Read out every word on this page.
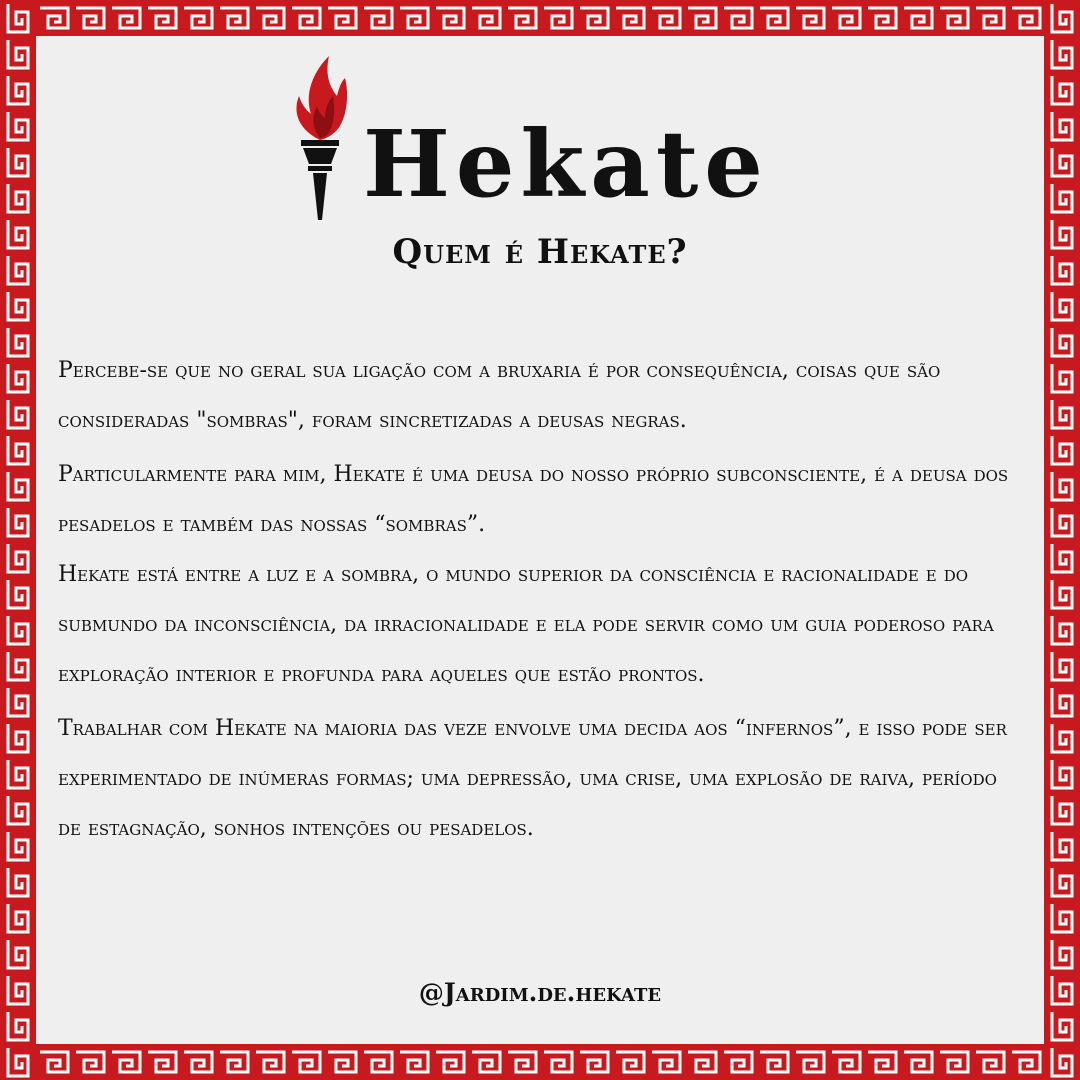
Hekate
Quem é Hekate?

Percebe-se que no geral sua ligação com a bruxaria é por consequência, coisas que são consideradas "sombras", foram sincretizadas a deusas negras.

Particularmente para mim, Hekate é uma deusa do nosso próprio subconsciente, é a deusa dos pesadelos e também das nossas “sombras”.

Hekate está entre a luz e a sombra, o mundo superior da consciência e racionalidade e do submundo da inconsciência, da irracionalidade e ela pode servir como um guia poderoso para exploração interior e profunda para aqueles que estão prontos.

Trabalhar com Hekate na maioria das veze envolve uma decida aos “infernos”, e isso pode ser experimentado de inúmeras formas; uma depressão, uma crise, uma explosão de raiva, período de estagnação, sonhos intenções ou pesadelos.

@Jardim.de.hekate
